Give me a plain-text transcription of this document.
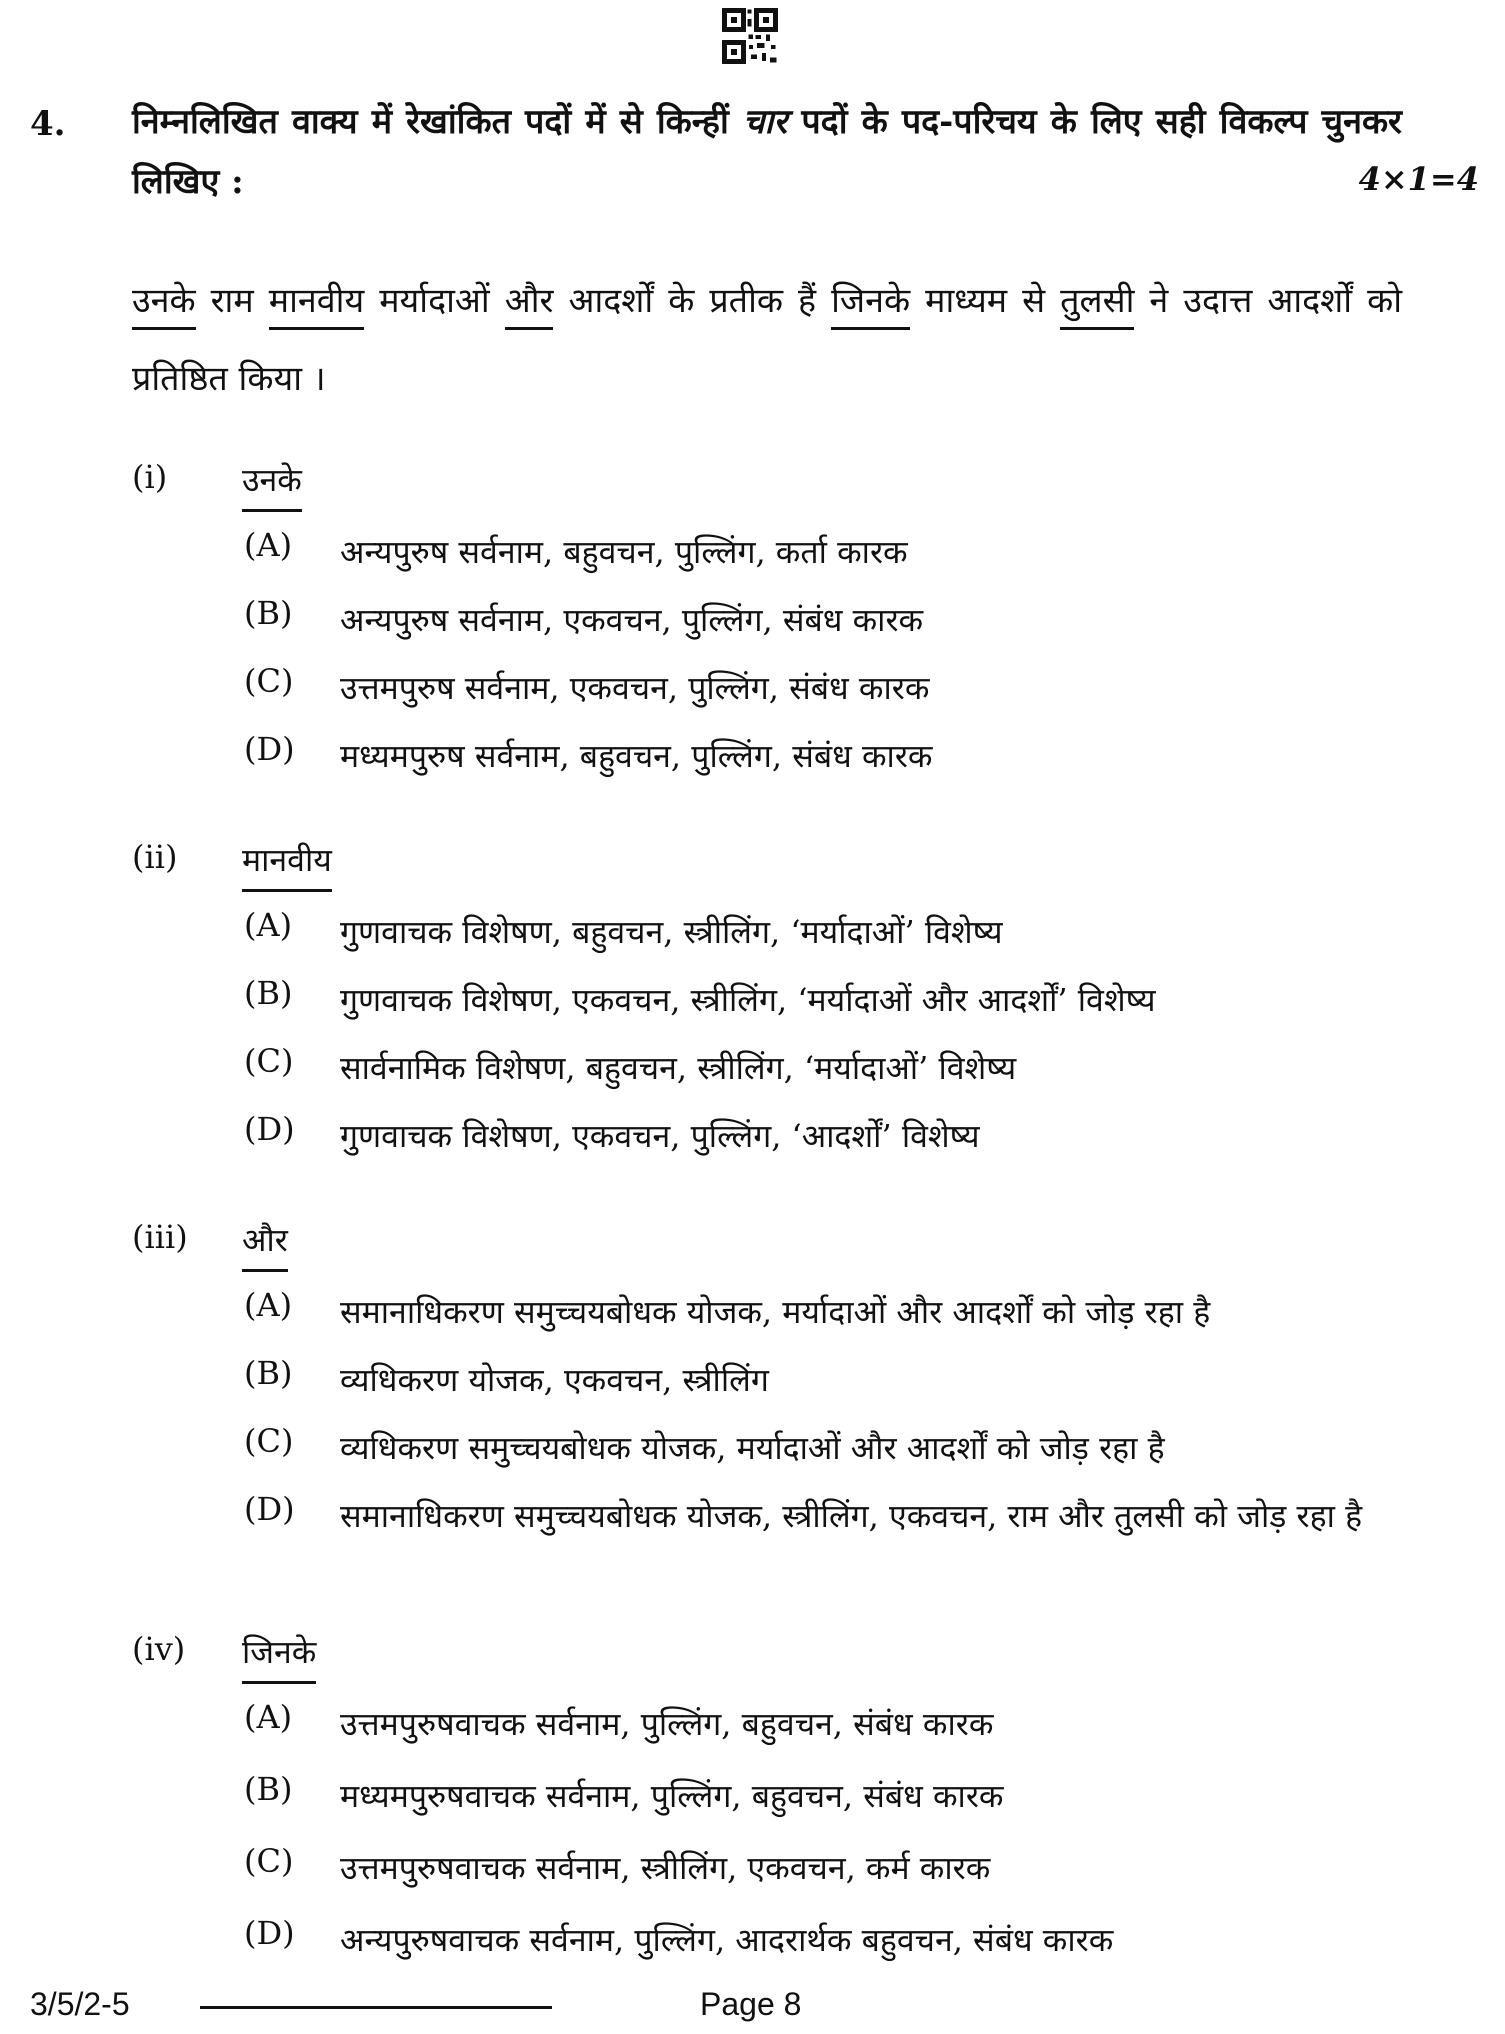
4. निम्नलिखित वाक्य में रेखांकित पदों में से किन्हीं चार पदों के पद-परिचय के लिए सही विकल्प चुनकर लिखिए :	4×1=4
उनके राम मानवीय मर्यादाओं और आदर्शों के प्रतीक हैं जिनके माध्यम से तुलसी ने उदात्त आदर्शों को प्रतिष्ठित किया ।
(i) उनके
(A) अन्यपुरुष सर्वनाम, बहुवचन, पुल्लिंग, कर्ता कारक
(B) अन्यपुरुष सर्वनाम, एकवचन, पुल्लिंग, संबंध कारक
(C) उत्तमपुरुष सर्वनाम, एकवचन, पुल्लिंग, संबंध कारक
(D) मध्यमपुरुष सर्वनाम, बहुवचन, पुल्लिंग, संबंध कारक
(ii) मानवीय
(A) गुणवाचक विशेषण, बहुवचन, स्त्रीलिंग, ‘मर्यादाओं’ विशेष्य
(B) गुणवाचक विशेषण, एकवचन, स्त्रीलिंग, ‘मर्यादाओं और आदर्शों’ विशेष्य
(C) सार्वनामिक विशेषण, बहुवचन, स्त्रीलिंग, ‘मर्यादाओं’ विशेष्य
(D) गुणवाचक विशेषण, एकवचन, पुल्लिंग, ‘आदर्शों’ विशेष्य
(iii) और
(A) समानाधिकरण समुच्चयबोधक योजक, मर्यादाओं और आदर्शों को जोड़ रहा है
(B) व्यधिकरण योजक, एकवचन, स्त्रीलिंग
(C) व्यधिकरण समुच्चयबोधक योजक, मर्यादाओं और आदर्शों को जोड़ रहा है
(D) समानाधिकरण समुच्चयबोधक योजक, स्त्रीलिंग, एकवचन, राम और तुलसी को जोड़ रहा है
(iv) जिनके
(A) उत्तमपुरुषवाचक सर्वनाम, पुल्लिंग, बहुवचन, संबंध कारक
(B) मध्यमपुरुषवाचक सर्वनाम, पुल्लिंग, बहुवचन, संबंध कारक
(C) उत्तमपुरुषवाचक सर्वनाम, स्त्रीलिंग, एकवचन, कर्म कारक
(D) अन्यपुरुषवाचक सर्वनाम, पुल्लिंग, आदरार्थक बहुवचन, संबंध कारक
3/5/2-5	Page 8
